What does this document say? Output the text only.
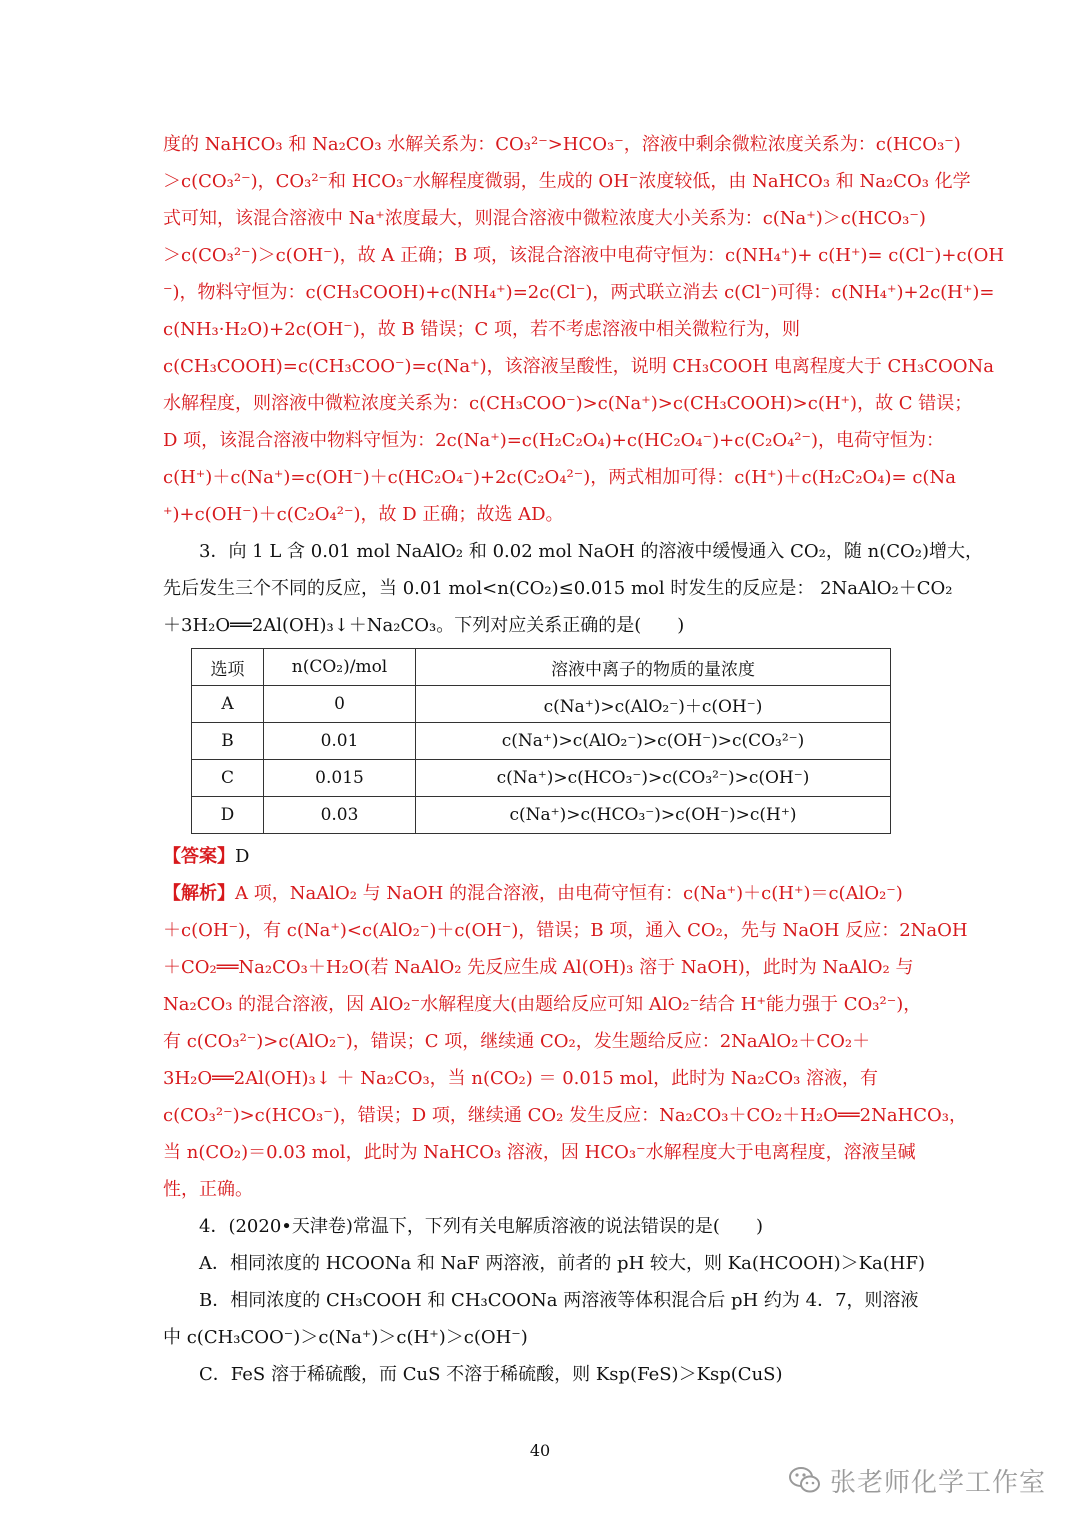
度的 NaHCO₃ 和 Na₂CO₃ 水解关系为：CO₃²⁻>HCO₃⁻，溶液中剩余微粒浓度关系为：c(HCO₃⁻)
＞c(CO₃²⁻)，CO₃²⁻和 HCO₃⁻水解程度微弱，生成的 OH⁻浓度较低，由 NaHCO₃ 和 Na₂CO₃ 化学
式可知，该混合溶液中 Na⁺浓度最大，则混合溶液中微粒浓度大小关系为：c(Na⁺)＞c(HCO₃⁻)
＞c(CO₃²⁻)＞c(OH⁻)，故 A 正确；B 项，该混合溶液中电荷守恒为：c(NH₄⁺)+ c(H⁺)= c(Cl⁻)+c(OH
⁻)，物料守恒为：c(CH₃COOH)+c(NH₄⁺)=2c(Cl⁻)，两式联立消去 c(Cl⁻)可得：c(NH₄⁺)+2c(H⁺)=
c(NH₃·H₂O)+2c(OH⁻)，故 B 错误；C 项，若不考虑溶液中相关微粒行为，则
c(CH₃COOH)=c(CH₃COO⁻)=c(Na⁺)，该溶液呈酸性，说明 CH₃COOH 电离程度大于 CH₃COONa
水解程度，则溶液中微粒浓度关系为：c(CH₃COO⁻)>c(Na⁺)>c(CH₃COOH)>c(H⁺)，故 C 错误；
D 项，该混合溶液中物料守恒为：2c(Na⁺)=c(H₂C₂O₄)+c(HC₂O₄⁻)+c(C₂O₄²⁻)，电荷守恒为：
c(H⁺)＋c(Na⁺)=c(OH⁻)＋c(HC₂O₄⁻)+2c(C₂O₄²⁻)，两式相加可得：c(H⁺)＋c(H₂C₂O₄)= c(Na
⁺)+c(OH⁻)＋c(C₂O₄²⁻)，故 D 正确；故选 AD。
3．向 1 L 含 0.01 mol NaAlO₂ 和 0.02 mol NaOH 的溶液中缓慢通入 CO₂，随 n(CO₂)增大，
先后发生三个不同的反应，当 0.01 mol<n(CO₂)≤0.015 mol 时发生的反应是： 2NaAlO₂＋CO₂
＋3H₂O══2Al(OH)₃↓＋Na₂CO₃。下列对应关系正确的是(　　)
选项	n(CO₂)/mol	溶液中离子的物质的量浓度
A	0	c(Na⁺)>c(AlO₂⁻)＋c(OH⁻)
B	0.01	c(Na⁺)>c(AlO₂⁻)>c(OH⁻)>c(CO₃²⁻)
C	0.015	c(Na⁺)>c(HCO₃⁻)>c(CO₃²⁻)>c(OH⁻)
D	0.03	c(Na⁺)>c(HCO₃⁻)>c(OH⁻)>c(H⁺)
【答案】D
【解析】A 项，NaAlO₂ 与 NaOH 的混合溶液，由电荷守恒有：c(Na⁺)＋c(H⁺)＝c(AlO₂⁻)
＋c(OH⁻)，有 c(Na⁺)<c(AlO₂⁻)＋c(OH⁻)，错误；B 项，通入 CO₂，先与 NaOH 反应：2NaOH
＋CO₂══Na₂CO₃＋H₂O(若 NaAlO₂ 先反应生成 Al(OH)₃ 溶于 NaOH)，此时为 NaAlO₂ 与
Na₂CO₃ 的混合溶液，因 AlO₂⁻水解程度大(由题给反应可知 AlO₂⁻结合 H⁺能力强于 CO₃²⁻)，
有 c(CO₃²⁻)>c(AlO₂⁻)，错误；C 项，继续通 CO₂，发生题给反应：2NaAlO₂＋CO₂＋
3H₂O══2Al(OH)₃↓ ＋ Na₂CO₃，当 n(CO₂) ＝ 0.015 mol，此时为 Na₂CO₃ 溶液，有
c(CO₃²⁻)>c(HCO₃⁻)，错误；D 项，继续通 CO₂ 发生反应：Na₂CO₃＋CO₂＋H₂O══2NaHCO₃，
当 n(CO₂)＝0.03 mol，此时为 NaHCO₃ 溶液，因 HCO₃⁻水解程度大于电离程度，溶液呈碱
性，正确。
4．(2020•天津卷)常温下，下列有关电解质溶液的说法错误的是(　　)
A．相同浓度的 HCOONa 和 NaF 两溶液，前者的 pH 较大，则 Ka(HCOOH)＞Ka(HF)
B．相同浓度的 CH₃COOH 和 CH₃COONa 两溶液等体积混合后 pH 约为 4．7，则溶液
中 c(CH₃COO⁻)＞c(Na⁺)＞c(H⁺)＞c(OH⁻)
C．FeS 溶于稀硫酸，而 CuS 不溶于稀硫酸，则 Ksp(FeS)＞Ksp(CuS)
40
张老师化学工作室
